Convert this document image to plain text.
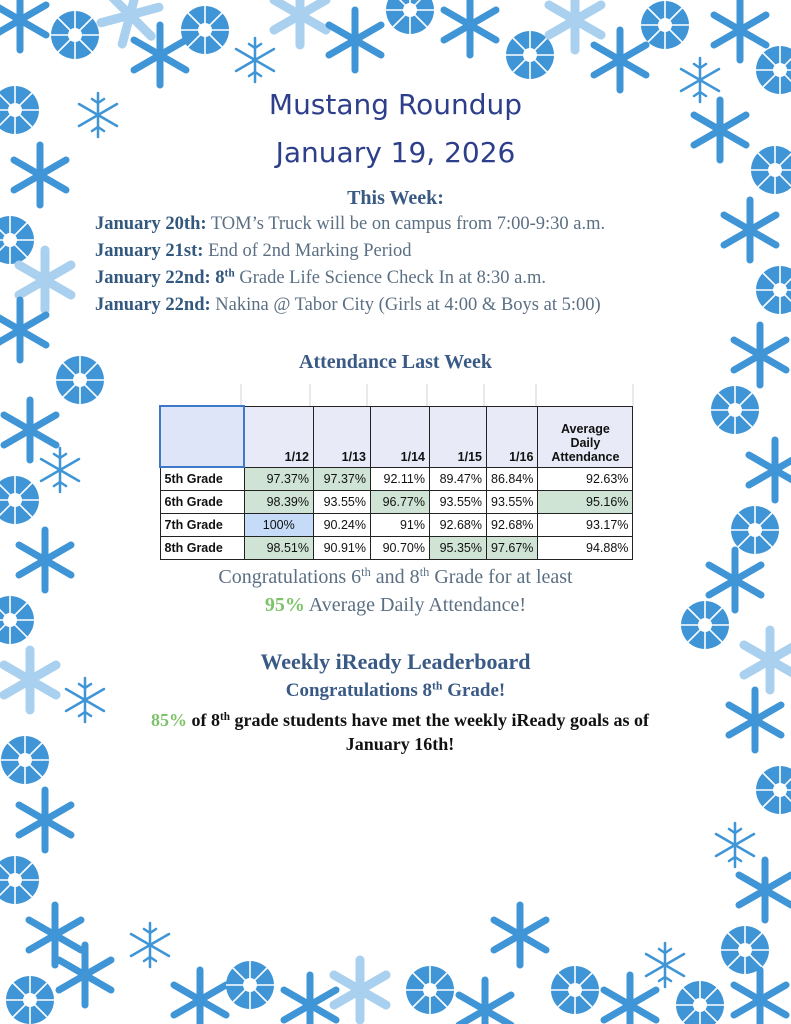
Mustang Roundup
January 19, 2026
This Week:
January 20th: TOM’s Truck will be on campus from 7:00-9:30 a.m.
January 21st: End of 2nd Marking Period
January 22nd: 8th Grade Life Science Check In at 8:30 a.m.
January 22nd: Nakina @ Tabor City (Girls at 4:00 & Boys at 5:00)
Attendance Last Week
	1/12	1/13	1/14	1/15	1/16	Average
Daily
Attendance
5th Grade	97.37%	97.37%	92.11%	89.47%	86.84%	92.63%
6th Grade	98.39%	93.55%	96.77%	93.55%	93.55%	95.16%
7th Grade	100%	90.24%	91%	92.68%	92.68%	93.17%
8th Grade	98.51%	90.91%	90.70%	95.35%	97.67%	94.88%
Congratulations 6th and 8th Grade for at least
95% Average Daily Attendance!
Weekly iReady Leaderboard
Congratulations 8th Grade!
85% of 8th grade students have met the weekly iReady goals as of
January 16th!
